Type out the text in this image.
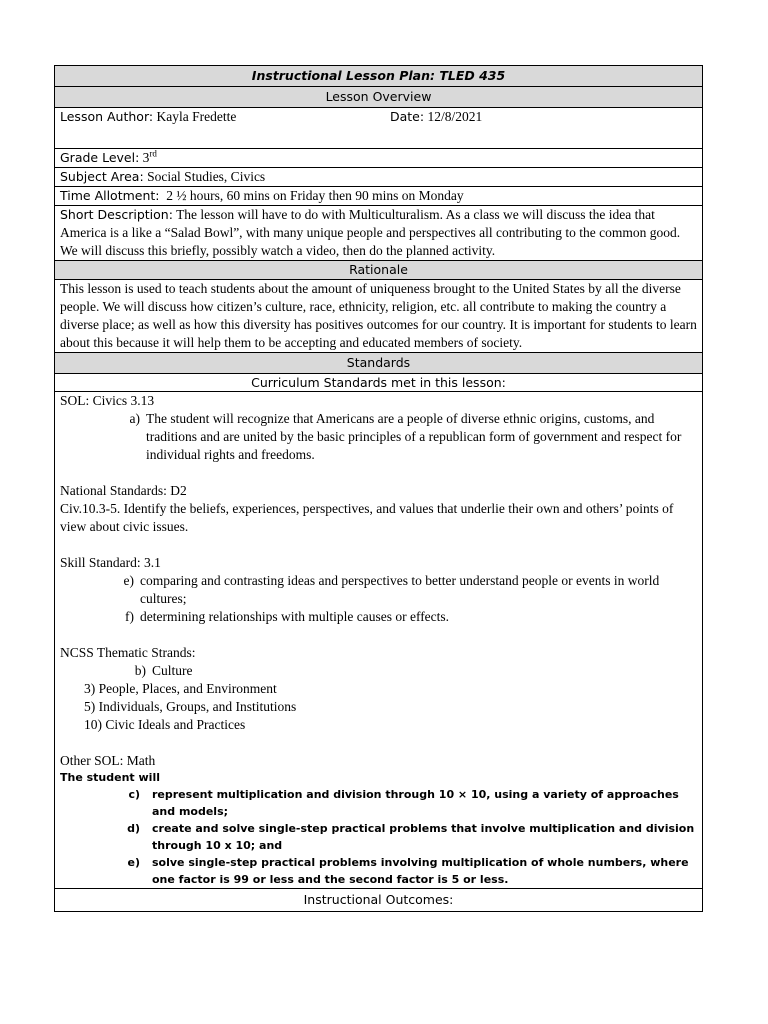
Instructional Lesson Plan: TLED 435
Lesson Overview

Lesson Author: Kayla Fredette	Date: 12/8/2021

Grade Level: 3rd
Subject Area: Social Studies, Civics
Time Allotment: 2 ½ hours, 60 mins on Friday then 90 mins on Monday
Short Description: The lesson will have to do with Multiculturalism. As a class we will discuss the idea that America is a like a “Salad Bowl”, with many unique people and perspectives all contributing to the common good. We will discuss this briefly, possibly watch a video, then do the planned activity.
Rationale
This lesson is used to teach students about the amount of uniqueness brought to the United States by all the diverse people. We will discuss how citizen’s culture, race, ethnicity, religion, etc. all contribute to making the country a diverse place; as well as how this diversity has positives outcomes for our country. It is important for students to learn about this because it will help them to be accepting and educated members of society.
Standards
Curriculum Standards met in this lesson:

SOL: Civics 3.13
a) The student will recognize that Americans are a people of diverse ethnic origins, customs, and traditions and are united by the basic principles of a republican form of government and respect for individual rights and freedoms.
National Standards: D2
Civ.10.3-5. Identify the beliefs, experiences, perspectives, and values that underlie their own and others’ points of view about civic issues.
Skill Standard: 3.1
e) comparing and contrasting ideas and perspectives to better understand people or events in world cultures;
f) determining relationships with multiple causes or effects.
NCSS Thematic Strands:
b) Culture
3) People, Places, and Environment
5) Individuals, Groups, and Institutions
10) Civic Ideals and Practices
Other SOL: Math
The student will
c) represent multiplication and division through 10 × 10, using a variety of approaches and models;
d) create and solve single-step practical problems that involve multiplication and division through 10 x 10; and
e) solve single-step practical problems involving multiplication of whole numbers, where one factor is 99 or less and the second factor is 5 or less.

Instructional Outcomes:
